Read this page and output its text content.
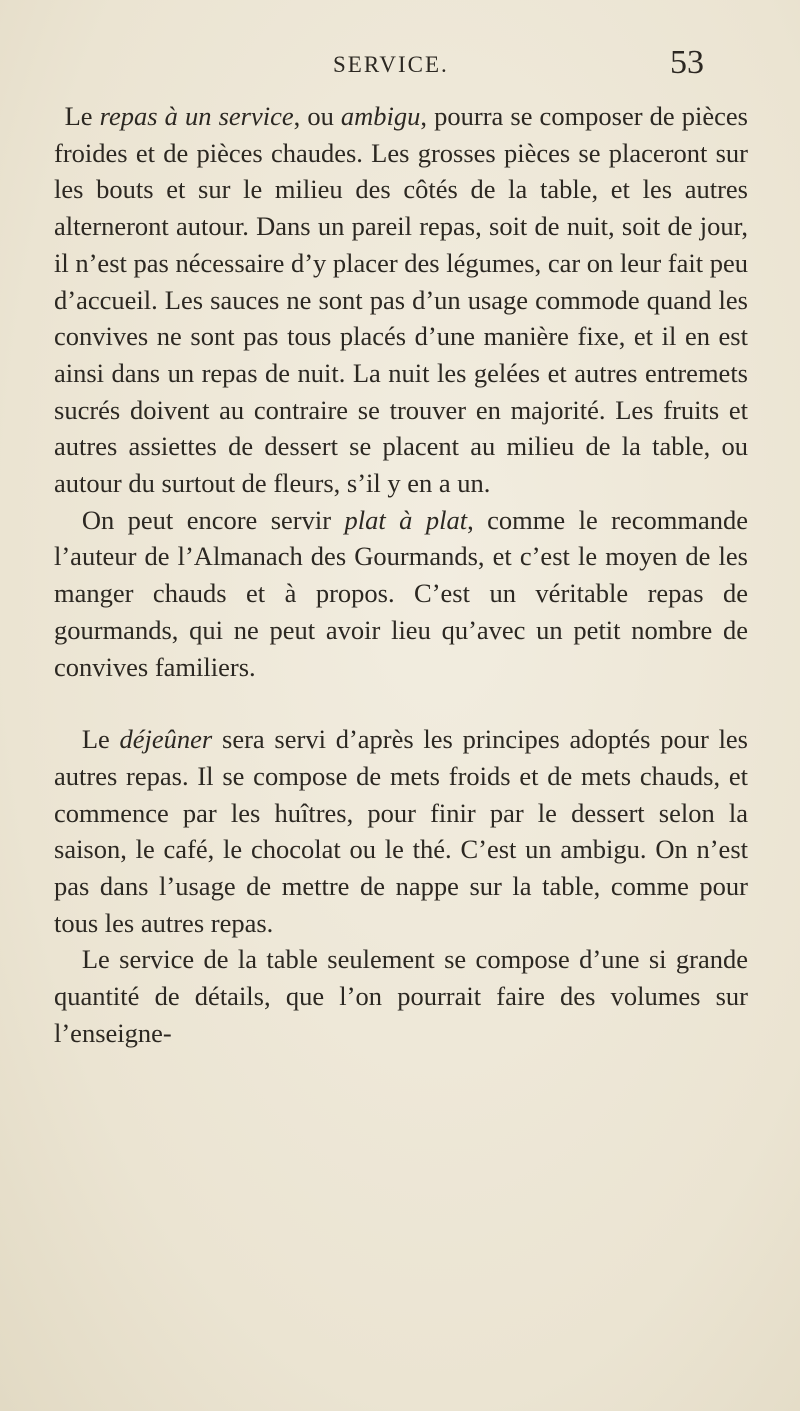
SERVICE.	53

Le repas à un service, ou ambigu, pourra se composer de pièces froides et de pièces chaudes. Les grosses pièces se placeront sur les bouts et sur le milieu des côtés de la table, et les autres alterneront autour. Dans un pareil repas, soit de nuit, soit de jour, il n’est pas nécessaire d’y placer des légumes, car on leur fait peu d’accueil. Les sauces ne sont pas d’un usage commode quand les convives ne sont pas tous placés d’une manière fixe, et il en est ainsi dans un repas de nuit. La nuit les gelées et autres entremets sucrés doivent au contraire se trouver en majorité. Les fruits et autres assiettes de dessert se placent au milieu de la table, ou autour du surtout de fleurs, s’il y en a un.

On peut encore servir plat à plat, comme le recommande l’auteur de l’Almanach des Gourmands, et c’est le moyen de les manger chauds et à propos. C’est un véritable repas de gourmands, qui ne peut avoir lieu qu’avec un petit nombre de convives familiers.

Le déjeûner sera servi d’après les principes adoptés pour les autres repas. Il se compose de mets froids et de mets chauds, et commence par les huîtres, pour finir par le dessert selon la saison, le café, le chocolat ou le thé. C’est un ambigu. On n’est pas dans l’usage de mettre de nappe sur la table, comme pour tous les autres repas.

Le service de la table seulement se compose d’une si grande quantité de détails, que l’on pourrait faire des volumes sur l’enseigne-
